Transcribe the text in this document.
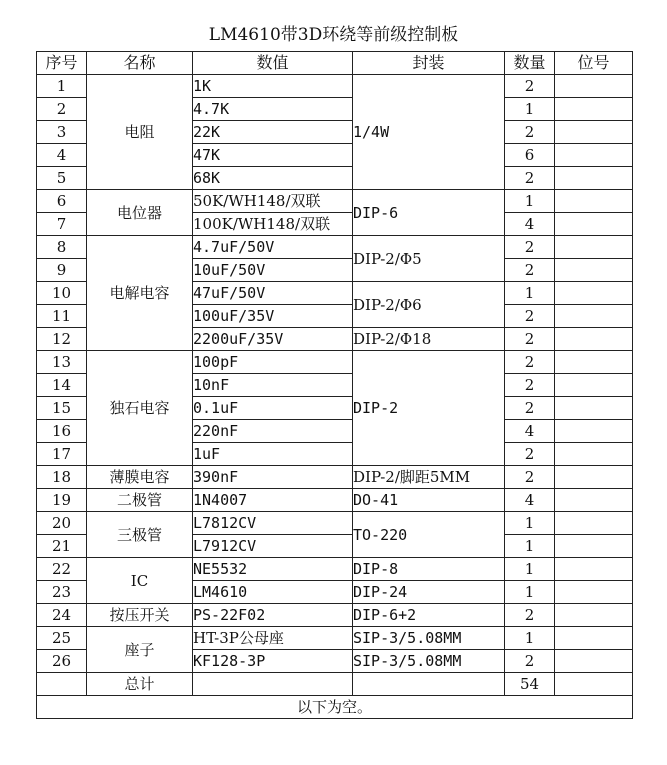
LM4610带3D环绕等前级控制板
序号	名称	数值	封装	数量	位号
1	电阻	1K	1/4W	2	
2		4.7K		1	
3		22K		2	
4		47K		6	
5		68K		2	
6	电位器	50K/WH148/双联	DIP-6	1	
7		100K/WH148/双联		4	
8	电解电容	4.7uF/50V	DIP-2/Φ5	2	
9		10uF/50V		2	
10		47uF/50V	DIP-2/Φ6	1	
11		100uF/35V		2	
12		2200uF/35V	DIP-2/Φ18	2	
13	独石电容	100pF	DIP-2	2	
14		10nF		2	
15		0.1uF		2	
16		220nF		4	
17		1uF		2	
18	薄膜电容	390nF	DIP-2/脚距5MM	2	
19	二极管	1N4007	DO-41	4	
20	三极管	L7812CV	TO-220	1	
21		L7912CV		1	
22	IC	NE5532	DIP-8	1	
23		LM4610	DIP-24	1	
24	按压开关	PS-22F02	DIP-6+2	2	
25	座子	HT-3P公母座	SIP-3/5.08MM	1	
26		KF128-3P	SIP-3/5.08MM	2	
	总计			54	
以下为空。					
